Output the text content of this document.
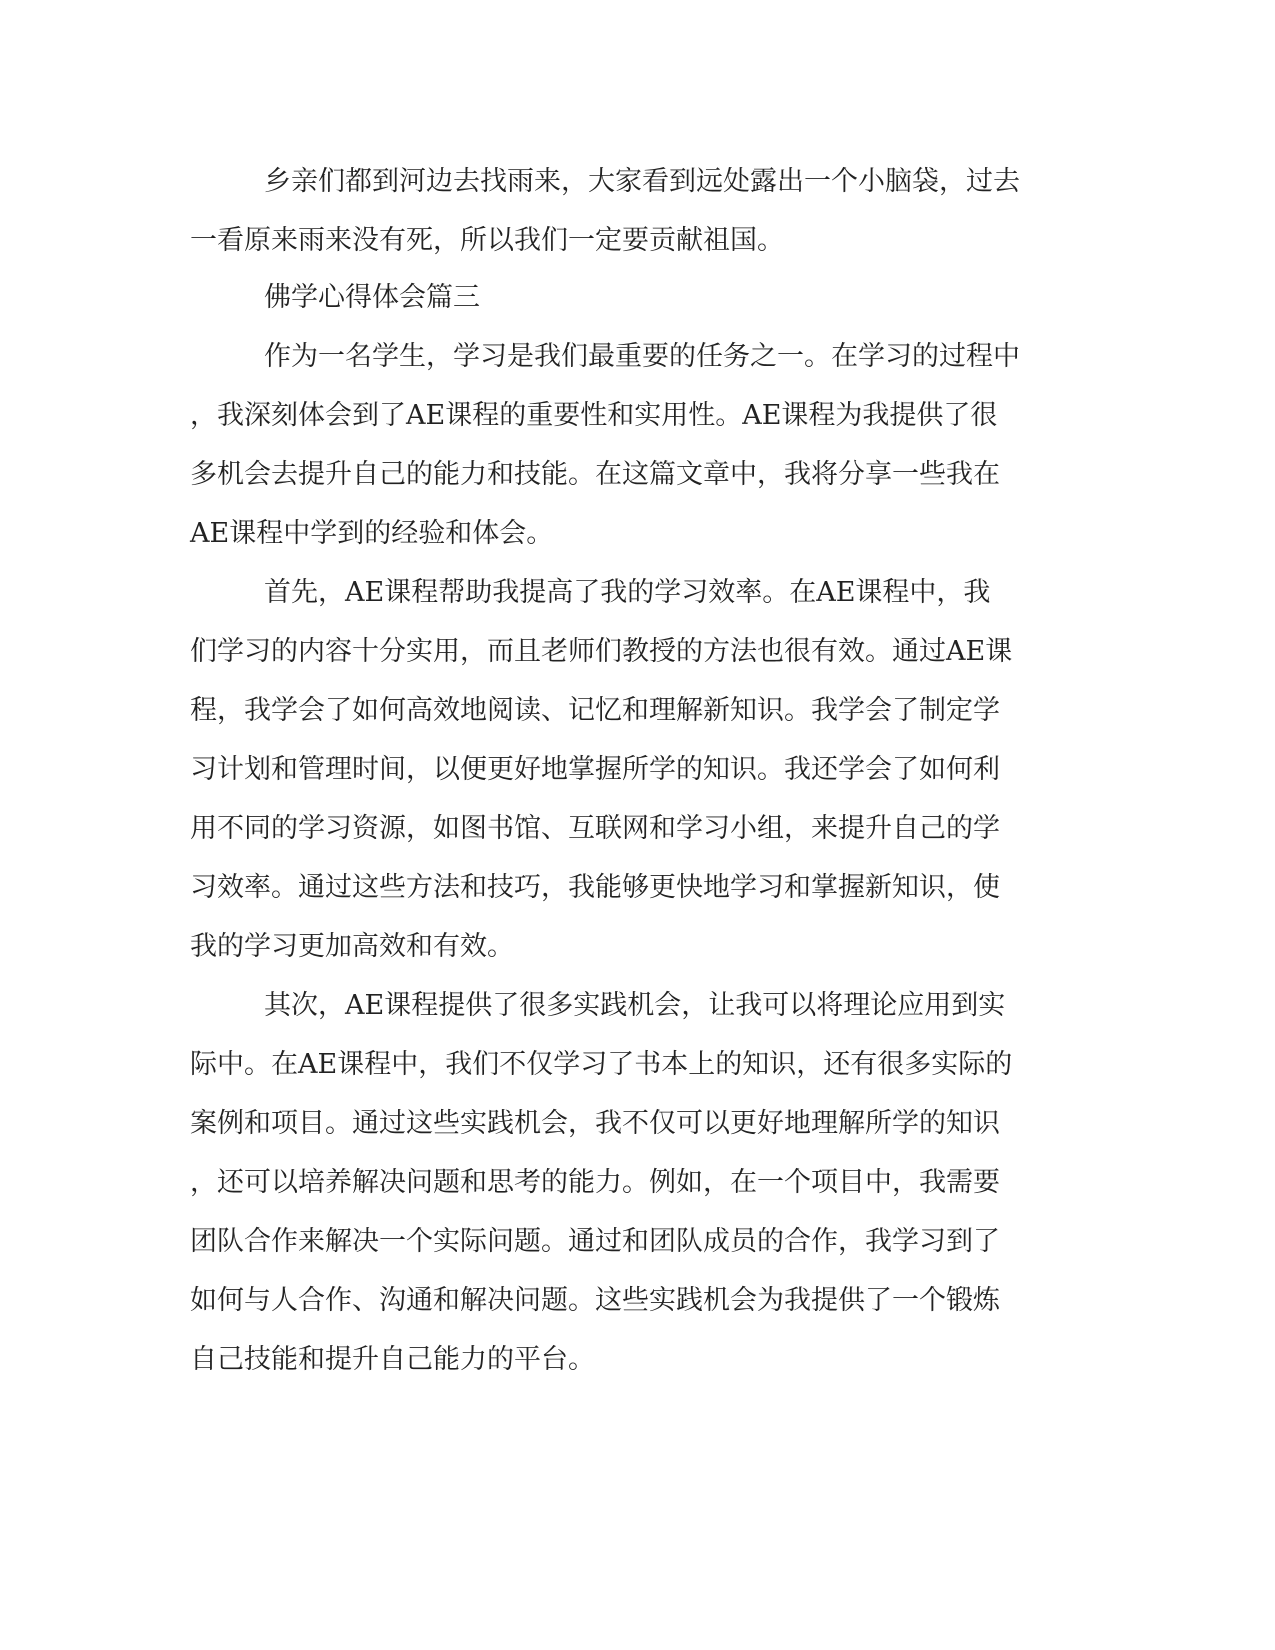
乡亲们都到河边去找雨来，大家看到远处露出一个小脑袋，过去
一看原来雨来没有死，所以我们一定要贡献祖国。
佛学心得体会篇三
作为一名学生，学习是我们最重要的任务之一。在学习的过程中
，我深刻体会到了AE课程的重要性和实用性。AE课程为我提供了很
多机会去提升自己的能力和技能。在这篇文章中，我将分享一些我在
AE课程中学到的经验和体会。
首先，AE课程帮助我提高了我的学习效率。在AE课程中，我
们学习的内容十分实用，而且老师们教授的方法也很有效。通过AE课
程，我学会了如何高效地阅读、记忆和理解新知识。我学会了制定学
习计划和管理时间，以便更好地掌握所学的知识。我还学会了如何利
用不同的学习资源，如图书馆、互联网和学习小组，来提升自己的学
习效率。通过这些方法和技巧，我能够更快地学习和掌握新知识，使
我的学习更加高效和有效。
其次，AE课程提供了很多实践机会，让我可以将理论应用到实
际中。在AE课程中，我们不仅学习了书本上的知识，还有很多实际的
案例和项目。通过这些实践机会，我不仅可以更好地理解所学的知识
，还可以培养解决问题和思考的能力。例如，在一个项目中，我需要
团队合作来解决一个实际问题。通过和团队成员的合作，我学习到了
如何与人合作、沟通和解决问题。这些实践机会为我提供了一个锻炼
自己技能和提升自己能力的平台。
